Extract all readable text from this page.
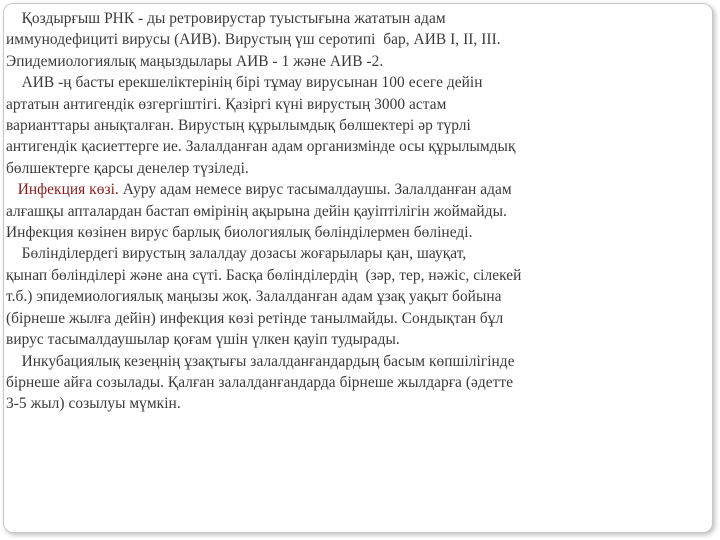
Қоздырғыш РНК - ды ретровирустар туыстығына жататын адам
иммунодефициті вирусы (АИВ). Вирустың үш серотипі  бар, АИВ I, II, III.
Эпидемиологиялық маңыздылары АИВ - 1 және АИВ -2.

АИВ -ң басты ерекшеліктерінің бірі тұмау вирусынан 100 есеге дейін
артатын антигендік өзгергіштігі. Қазіргі күні вирустың 3000 астам
варианттары анықталған. Вирустың құрылымдық бөлшектері әр түрлі
антигендік қасиеттерге ие. Залалданған адам организмінде осы құрылымдық
бөлшектерге қарсы денелер түзіледі.

Инфекция көзі. Ауру адам немесе вирус тасымалдаушы. Залалданған адам
алғашқы апталардан бастап өмірінің ақырына дейін қауіптілігін жоймайды.
Инфекция көзінен вирус барлық биологиялық бөлінділермен бөлінеді.

Бөлінділердегі вирустың залалдау дозасы жоғарылары қан, шауқат,
қынап бөлінділері және ана сүті. Басқа бөлінділердің  (зәр, тер, нәжіс, сілекей
т.б.) эпидемиологиялық маңызы жоқ. Залалданған адам ұзақ уақыт бойына
(бірнеше жылға дейін) инфекция көзі ретінде танылмайды. Сондықтан бұл
вирус тасымалдаушылар қоғам үшін үлкен қауіп тудырады.

Инкубациялық кезеңнің ұзақтығы залалданғандардың басым көпшілігінде
бірнеше айға созылады. Қалған залалданғандарда бірнеше жылдарға (әдетте
3-5 жыл) созылуы мүмкін.
